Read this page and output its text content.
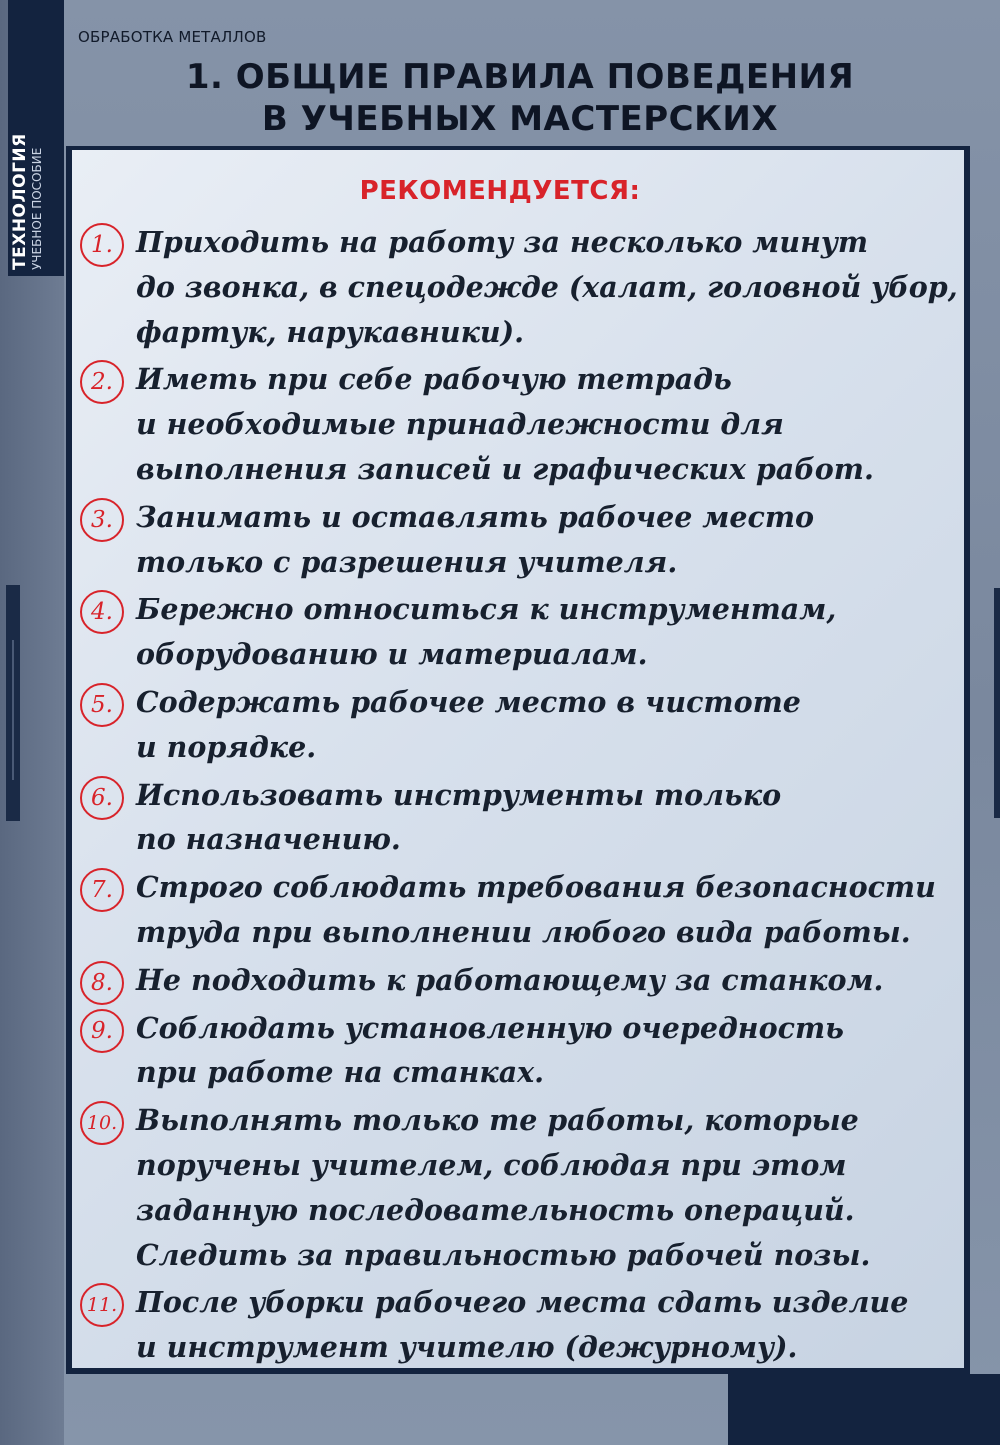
ТЕХНОЛОГИЯ УЧЕБНОЕ ПОСОБИЕ
ОБРАБОТКА МЕТАЛЛОВ
1. ОБЩИЕ ПРАВИЛА ПОВЕДЕНИЯ
В УЧЕБНЫХ МАСТЕРСКИХ
РЕКОМЕНДУЕТСЯ:
1. Приходить на работу за несколько минут
до звонка, в спецодежде (халат, головной убор,
фартук, нарукавники).
2. Иметь при себе рабочую тетрадь
и необходимые принадлежности для
выполнения записей и графических работ.
3. Занимать и оставлять рабочее место
только с разрешения учителя.
4. Бережно относиться к инструментам,
оборудованию и материалам.
5. Содержать рабочее место в чистоте
и порядке.
6. Использовать инструменты только
по назначению.
7. Строго соблюдать требования безопасности
труда при выполнении любого вида работы.
8. Не подходить к работающему за станком.
9. Соблюдать установленную очередность
при работе на станках.
10. Выполнять только те работы, которые
поручены учителем, соблюдая при этом
заданную последовательность операций.
Следить за правильностью рабочей позы.
11. После уборки рабочего места сдать изделие
и инструмент учителю (дежурному).
